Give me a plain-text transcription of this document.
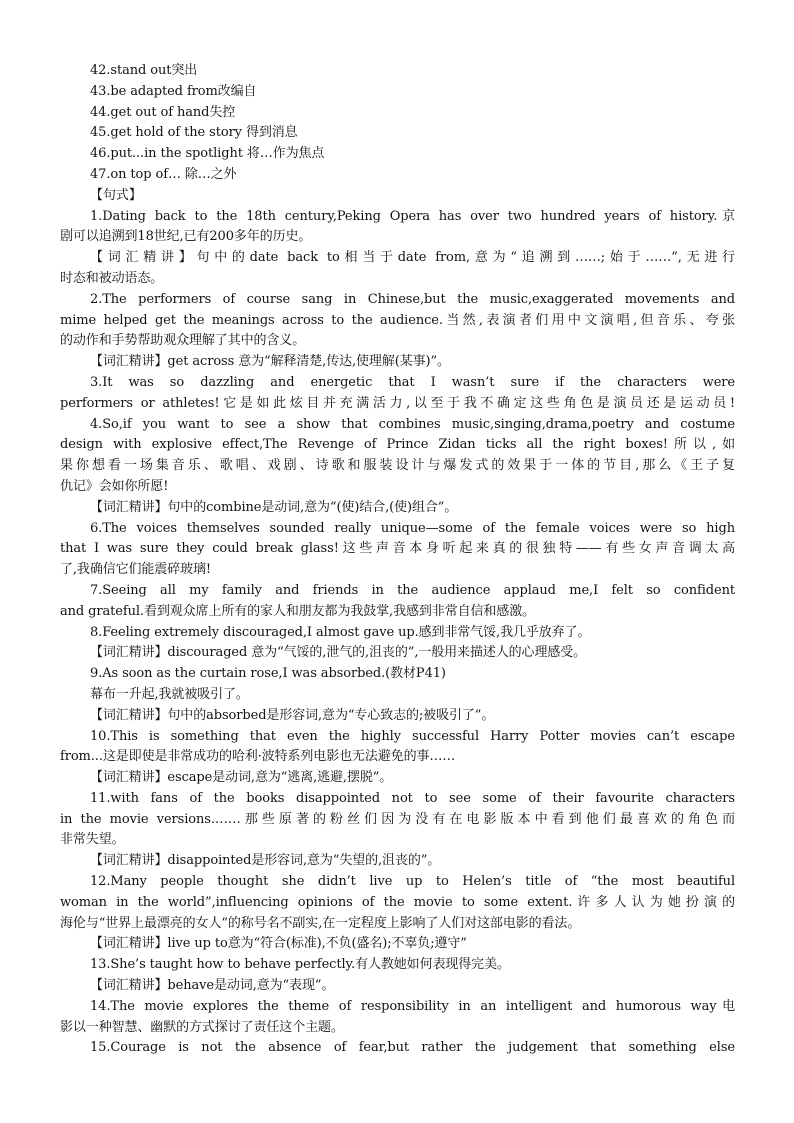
42.stand out突出
43.be adapted from改编自
44.get out of hand失控
45.get hold of the story 得到消息
46.put...in the spotlight 将…作为焦点
47.on top of… 除…之外
【句式】
1.Dating back to the 18th century,Peking Opera has over two hundred years of history.京
剧可以追溯到18世纪,已有200多年的历史。
【词汇精讲】句中的date back to相当于date from,意为“追溯到……;始于……”,无进行
时态和被动语态。
2.The performers of course sang in Chinese,but the music,exaggerated movements and
mime helped get the meanings across to the audience.当然,表演者们用中文演唱,但音乐、夸张
的动作和手势帮助观众理解了其中的含义。
【词汇精讲】get across 意为“解释清楚,传达,使理解(某事)”。
3.It was so dazzling and energetic that I wasn’t sure if the characters were
performers or athletes!它是如此炫目并充满活力,以至于我不确定这些角色是演员还是运动员!
4.So,if you want to see a show that combines music,singing,drama,poetry and costume
design with explosive effect,The Revenge of Prince Zidan ticks all the right boxes!所以,如
果你想看一场集音乐、歌唱、戏剧、诗歌和服装设计与爆发式的效果于一体的节目,那么《王子复
仇记》会如你所愿!
【词汇精讲】句中的combine是动词,意为“(使)结合,(使)组合”。
6.The voices themselves sounded really unique—some of the female voices were so high
that I was sure they could break glass!这些声音本身听起来真的很独特——有些女声音调太高
了,我确信它们能震碎玻璃!
7.Seeing all my family and friends in the audience applaud me,I felt so confident
and grateful.看到观众席上所有的家人和朋友都为我鼓掌,我感到非常自信和感激。
8.Feeling extremely discouraged,I almost gave up.感到非常气馁,我几乎放弃了。
【词汇精讲】discouraged 意为“气馁的,泄气的,沮丧的”,一般用来描述人的心理感受。
9.As soon as the curtain rose,I was absorbed.(教材P41)
幕布一升起,我就被吸引了。
【词汇精讲】句中的absorbed是形容词,意为“专心致志的;被吸引了”。
10.This is something that even the highly successful Harry Potter movies can’t escape
from...这是即使是非常成功的哈利·波特系列电影也无法避免的事……
【词汇精讲】escape是动词,意为“逃离,逃避,摆脱”。
11.with fans of the books disappointed not to see some of their favourite characters
in the movie versions.……那些原著的粉丝们因为没有在电影版本中看到他们最喜欢的角色而
非常失望。
【词汇精讲】disappointed是形容词,意为“失望的,沮丧的”。
12.Many people thought she didn’t live up to Helen’s title of “the most beautiful
woman in the world”,influencing opinions of the movie to some extent.许多人认为她扮演的
海伦与“世界上最漂亮的女人”的称号名不副实,在一定程度上影响了人们对这部电影的看法。
【词汇精讲】live up to意为“符合(标准),不负(盛名);不辜负;遵守”
13.She’s taught how to behave perfectly.有人教她如何表现得完美。
【词汇精讲】behave是动词,意为“表现”。
14.The movie explores the theme of responsibility in an intelligent and humorous way电
影以一种智慧、幽默的方式探讨了责任这个主题。
15.Courage is not the absence of fear,but rather the judgement that something else
